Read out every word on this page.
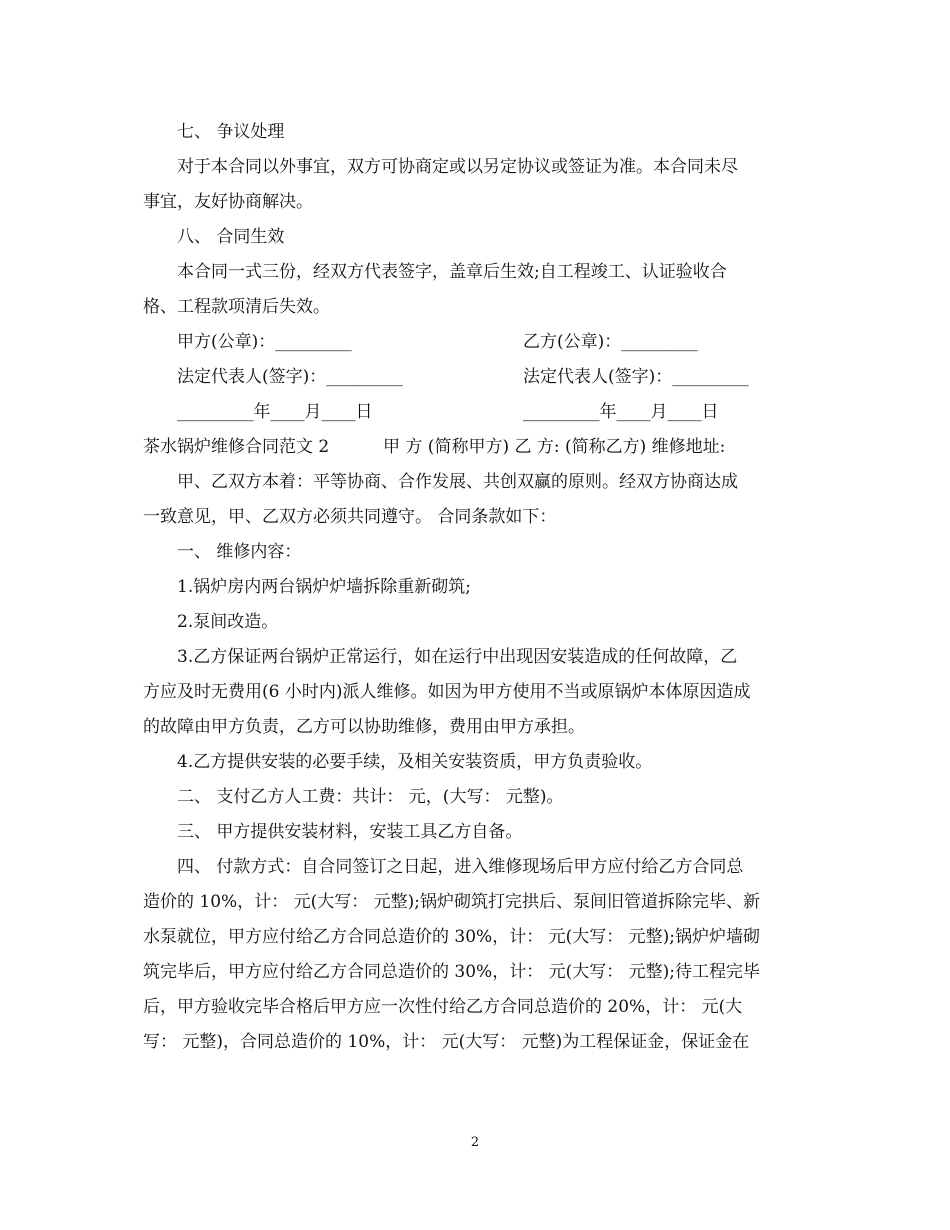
七、 争议处理
对于本合同以外事宜，双方可协商定或以另定协议或签证为准。本合同未尽
事宜，友好协商解决。
八、 合同生效
本合同一式三份，经双方代表签字，盖章后生效;自工程竣工、认证验收合
格、工程款项清后失效。
甲方(公章)：_________	乙方(公章)：_________
法定代表人(签字)：_________	法定代表人(签字)：_________
_________年____月____日	_________年____月____日
茶水锅炉维修合同范文 2	甲 方 (简称甲方) 乙 方: (简称乙方) 维修地址:
甲、乙双方本着：平等协商、合作发展、共创双赢的原则。经双方协商达成
一致意见，甲、乙双方必须共同遵守。 合同条款如下：
一、 维修内容：
1.锅炉房内两台锅炉炉墙拆除重新砌筑;
2.泵间改造。
3.乙方保证两台锅炉正常运行，如在运行中出现因安装造成的任何故障，乙
方应及时无费用(6 小时内)派人维修。如因为甲方使用不当或原锅炉本体原因造成
的故障由甲方负责，乙方可以协助维修，费用由甲方承担。
4.乙方提供安装的必要手续，及相关安装资质，甲方负责验收。
二、 支付乙方人工费：共计： 元，(大写： 元整)。
三、 甲方提供安装材料，安装工具乙方自备。
四、 付款方式：自合同签订之日起，进入维修现场后甲方应付给乙方合同总
造价的 10%，计： 元(大写： 元整);锅炉砌筑打完拱后、泵间旧管道拆除完毕、新
水泵就位，甲方应付给乙方合同总造价的 30%，计： 元(大写： 元整);锅炉炉墙砌
筑完毕后，甲方应付给乙方合同总造价的 30%，计： 元(大写： 元整);待工程完毕
后，甲方验收完毕合格后甲方应一次性付给乙方合同总造价的 20%，计： 元(大
写： 元整)，合同总造价的 10%，计： 元(大写： 元整)为工程保证金，保证金在
2
